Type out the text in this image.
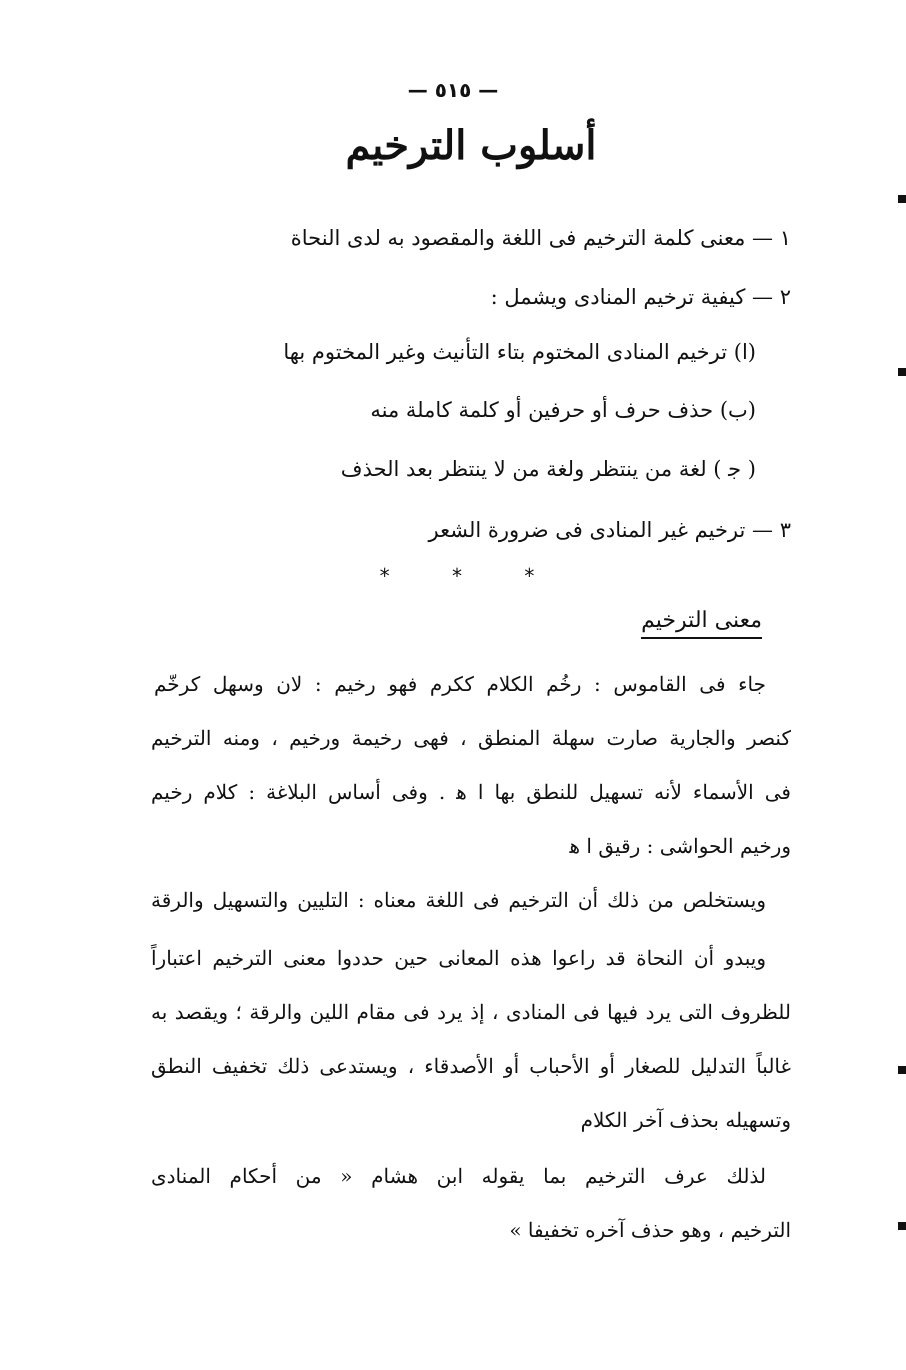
— ٥١٥ —
أسلوب الترخيم
١ — معنى كلمة الترخيم فى اللغة والمقصود به لدى النحاة
٢ — كيفية ترخيم المنادى ويشمل :
(ا) ترخيم المنادى المختوم بتاء التأنيث وغير المختوم بها
(ب) حذف حرف أو حرفين أو كلمة كاملة منه
( ﺟ ) لغة من ينتظر ولغة من لا ينتظر بعد الحذف
٣ — ترخيم غير المنادى فى ضرورة الشعر
* * *
معنى الترخيم
جاء فى القاموس : رخُم الكلام ككرم فهو رخيم : لان وسهل كرخّم
كنصر والجارية صارت سهلة المنطق ، فهى رخيمة ورخيم ، ومنه الترخيم
فى الأسماء لأنه تسهيل للنطق بها ا ﻫ . وفى أساس البلاغة : كلام رخيم
ورخيم الحواشى : رقيق ا ﻫ
ويستخلص من ذلك أن الترخيم فى اللغة معناه : التليين والتسهيل والرقة
ويبدو أن النحاة قد راعوا هذه المعانى حين حددوا معنى الترخيم اعتباراً
للظروف التى يرد فيها فى المنادى ، إذ يرد فى مقام اللين والرقة ؛ ويقصد به
غالباً التدليل للصغار أو الأحباب أو الأصدقاء ، ويستدعى ذلك تخفيف النطق
وتسهيله بحذف آخر الكلام
لذلك عرف الترخيم بما يقوله ابن هشام « من أحكام المنادى
الترخيم ، وهو حذف آخره تخفيفا »
